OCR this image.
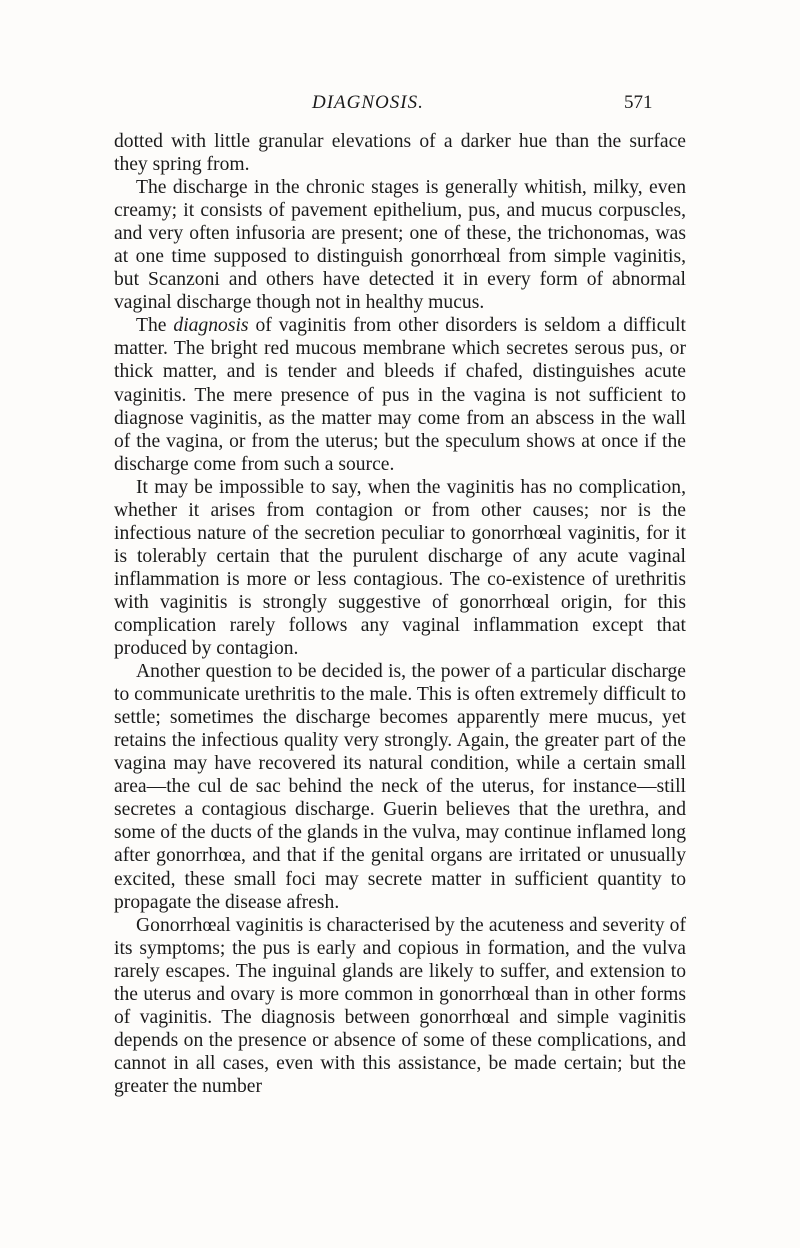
DIAGNOSIS.	571

dotted with little granular elevations of a darker hue than the surface they spring from.

The discharge in the chronic stages is generally whitish, milky, even creamy; it consists of pavement epithelium, pus, and mucus corpuscles, and very often infusoria are present; one of these, the trichonomas, was at one time supposed to distinguish gonorrhœal from simple vaginitis, but Scanzoni and others have detected it in every form of abnormal vaginal discharge though not in healthy mucus.

The diagnosis of vaginitis from other disorders is seldom a difficult matter. The bright red mucous membrane which secretes serous pus, or thick matter, and is tender and bleeds if chafed, distinguishes acute vaginitis. The mere presence of pus in the vagina is not sufficient to diagnose vaginitis, as the matter may come from an abscess in the wall of the vagina, or from the uterus; but the speculum shows at once if the discharge come from such a source.

It may be impossible to say, when the vaginitis has no complication, whether it arises from contagion or from other causes; nor is the infectious nature of the secretion peculiar to gonorrhœal vaginitis, for it is tolerably certain that the purulent discharge of any acute vaginal inflammation is more or less contagious. The co-existence of urethritis with vaginitis is strongly suggestive of gonorrhœal origin, for this complication rarely follows any vaginal inflammation except that produced by contagion.

Another question to be decided is, the power of a particular discharge to communicate urethritis to the male. This is often extremely difficult to settle; sometimes the discharge becomes apparently mere mucus, yet retains the infectious quality very strongly. Again, the greater part of the vagina may have recovered its natural condition, while a certain small area—the cul de sac behind the neck of the uterus, for instance—still secretes a contagious discharge. Guerin believes that the urethra, and some of the ducts of the glands in the vulva, may continue inflamed long after gonorrhœa, and that if the genital organs are irritated or unusually excited, these small foci may secrete matter in sufficient quantity to propagate the disease afresh.

Gonorrhœal vaginitis is characterised by the acuteness and severity of its symptoms; the pus is early and copious in formation, and the vulva rarely escapes. The inguinal glands are likely to suffer, and extension to the uterus and ovary is more common in gonorrhœal than in other forms of vaginitis. The diagnosis between gonorrhœal and simple vaginitis depends on the presence or absence of some of these complications, and cannot in all cases, even with this assistance, be made certain; but the greater the number
